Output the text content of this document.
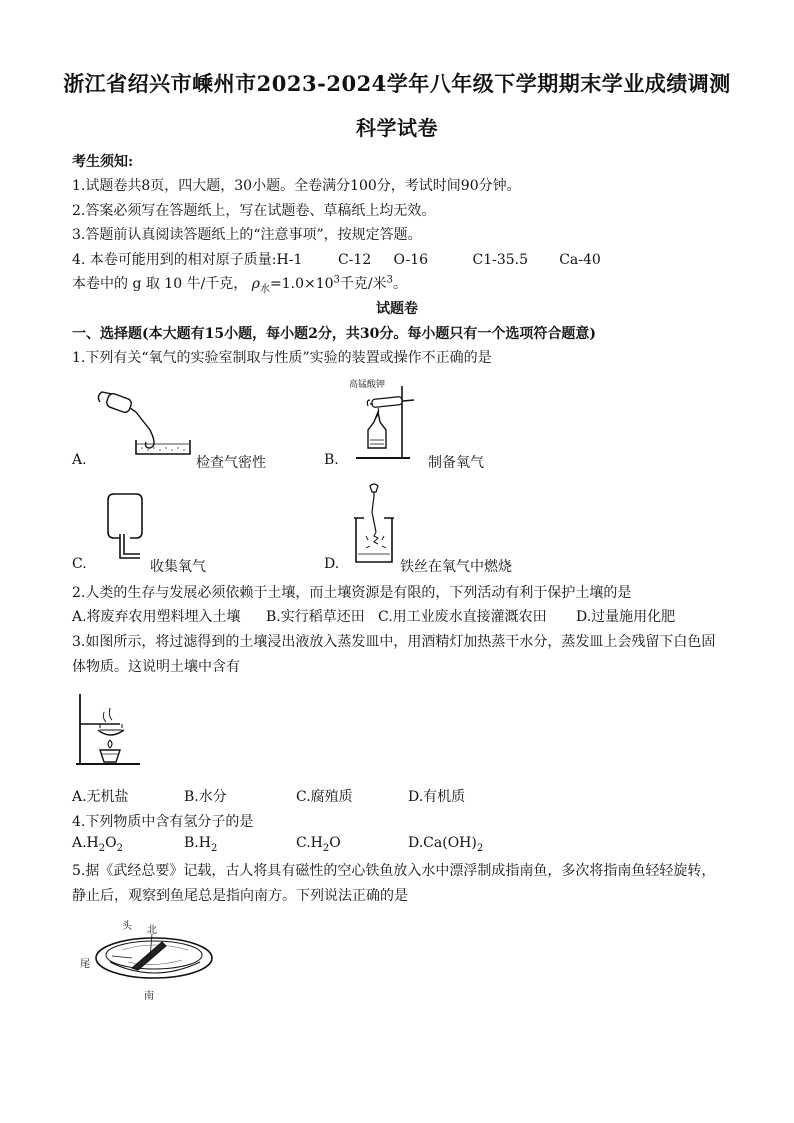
浙江省绍兴市嵊州市2023-2024学年八年级下学期期末学业成绩调测
科学试卷
考生须知:
1.试题卷共8页，四大题，30小题。全卷满分100分，考试时间90分钟。
2.答案必须写在答题纸上，写在试题卷、草稿纸上均无效。
3.答题前认真阅读答题纸上的“注意事项”，按规定答题。
4. 本卷可能用到的相对原子质量:H-1        C-12     O-16          C1-35.5       Ca-40
本卷中的 g 取 10 牛/千克， $\rho_水=1.0\times 10^3$千克/米$^3$。
试题卷
一、选择题(本大题有15小题，每小题2分，共30分。每小题只有一个选项符合题意)
1.下列有关“氧气的实验室制取与性质”实验的装置或操作不正确的是
A.	检查气密性
高锰酸钾
B.	制备氧气
C.	收集氧气	D.	铁丝在氧气中燃烧
2.人类的生存与发展必须依赖于土壤，而土壤资源是有限的，下列活动有利于保护土壤的是
A.将废弃农用塑料埋入土壤 B.实行稻草还田 C.用工业废水直接灌溉农田 D.过量施用化肥
3.如图所示，将过滤得到的土壤浸出液放入蒸发皿中，用酒精灯加热蒸干水分，蒸发皿上会残留下白色固
体物质。这说明土壤中含有
A.无机盐	B.水分	C.腐殖质	D.有机质
4.下列物质中含有氢分子的是
$A.H_2O_2$	$B.H_2$	$C.H_2O$	$D.Ca(OH)_2$
5.据《武经总要》记载，古人将具有磁性的空心铁鱼放入水中漂浮制成指南鱼，多次将指南鱼轻轻旋转，
静止后，观察到鱼尾总是指向南方。下列说法正确的是
头 北
尾
南
